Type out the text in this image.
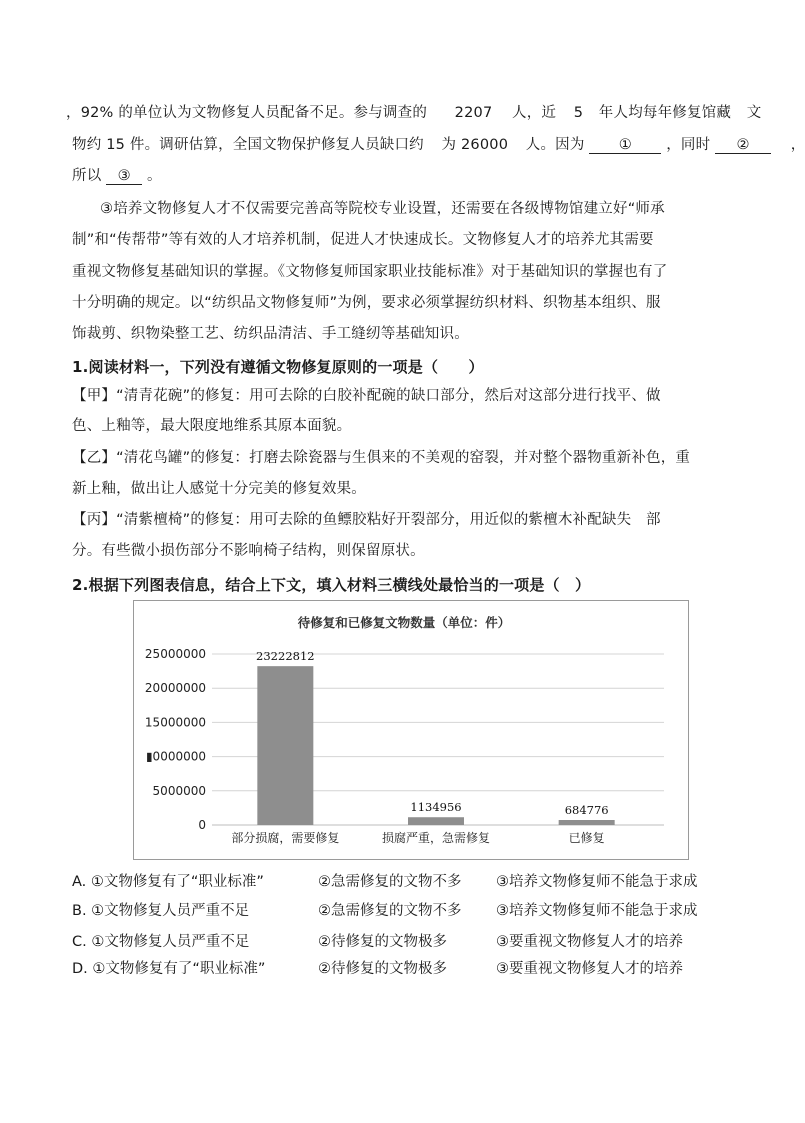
，92% 的单位认为文物修复人员配备不足。参与调查的 2207 人，近 5 年人均每年修复馆藏 文
物约 15 件。调研估算，全国文物保护修复人员缺口约 为 26000 人。因为 ① ，同时 ②	，
所以 ③ 。
③培养文物修复人才不仅需要完善高等院校专业设置，还需要在各级博物馆建立好“师承
制”和“传帮带”等有效的人才培养机制，促进人才快速成长。文物修复人才的培养尤其需要
重视文物修复基础知识的掌握。《文物修复师国家职业技能标准》对于基础知识的掌握也有了
十分明确的规定。以“纺织品文物修复师”为例，要求必须掌握纺织材料、织物基本组织、服
饰裁剪、织物染整工艺、纺织品清洁、手工缝纫等基础知识。
1.阅读材料一，下列没有遵循文物修复原则的一项是（　　）
【甲】“清青花碗”的修复：用可去除的白胶补配碗的缺口部分，然后对这部分进行找平、做
色、上釉等，最大限度地维系其原本面貌。
【乙】“清花鸟罐”的修复：打磨去除瓷器与生俱来的不美观的窑裂，并对整个器物重新补色，重
新上釉，做出让人感觉十分完美的修复效果。
【丙】“清紫檀椅”的修复：用可去除的鱼鳔胶粘好开裂部分，用近似的紫檀木补配缺失　部
分。有些微小损伤部分不影响椅子结构，则保留原状。
2.根据下列图表信息，结合上下文，填入材料三横线处最恰当的一项是（　）
待修复和已修复文物数量（单位：件）
0
5000000
▮0000000
15000000
20000000
25000000	23222812
1134956	684776
部分损腐，需要修复	损腐严重，急需修复	已修复
A. ①文物修复有了“职业标准”	②急需修复的文物不多 ③培养文物修复师不能急于求成
B. ①文物修复人员严重不足	②急需修复的文物不多 ③培养文物修复师不能急于求成
C. ①文物修复人员严重不足	②待修复的文物极多	③要重视文物修复人才的培养
D. ①文物修复有了“职业标准”	②待修复的文物极多	③要重视文物修复人才的培养
